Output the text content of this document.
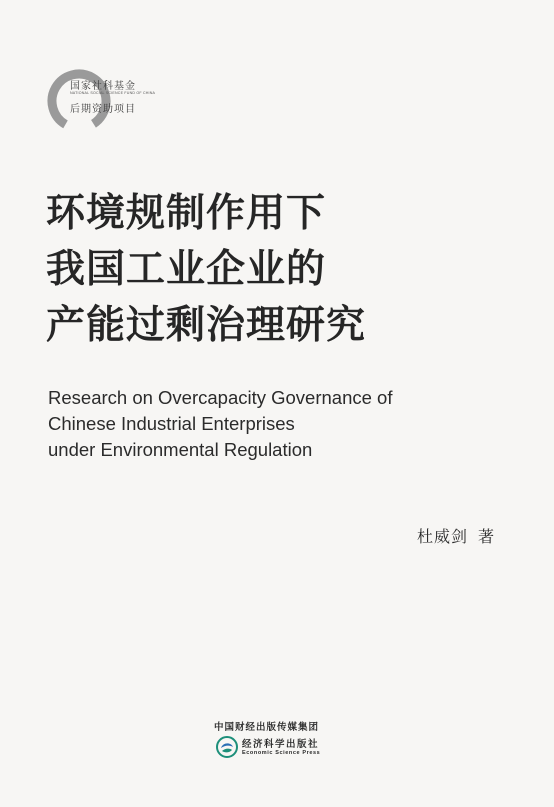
国家社科基金
NATIONAL SOCIAL SCIENCE FUND OF CHINA
后期资助项目
环境规制作用下
我国工业企业的
产能过剩治理研究
Research on Overcapacity Governance of
Chinese Industrial Enterprises
under Environmental Regulation
杜威剑 著
中国财经出版传媒集团
经济科学出版社
Economic Science Press
